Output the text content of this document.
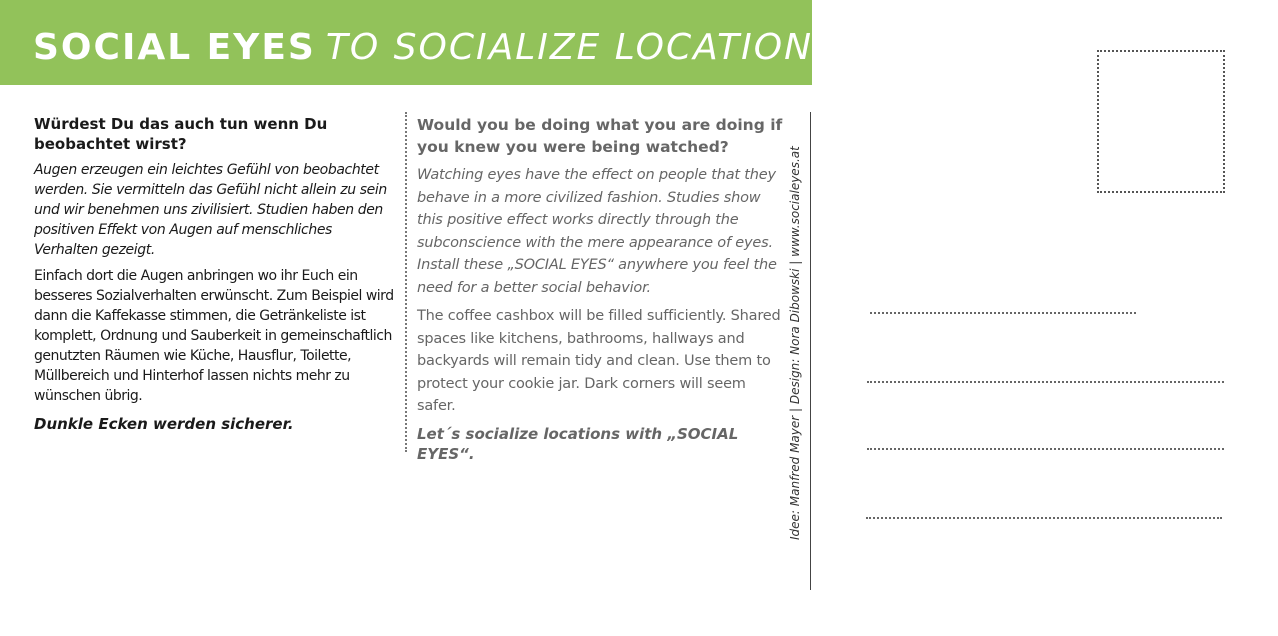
SOCIAL EYES TO SOCIALIZE LOCATIONS

Würdest Du das auch tun wenn Du beobachtet wirst?

Augen erzeugen ein leichtes Gefühl von beobachtet werden. Sie vermitteln das Gefühl nicht allein zu sein und wir benehmen uns zivilisiert. Studien haben den positiven Effekt von Augen auf menschliches Verhalten gezeigt.

Einfach dort die Augen anbringen wo ihr Euch ein besseres Sozialverhalten erwünscht. Zum Beispiel wird dann die Kaffekasse stimmen, die Getränkeliste ist komplett, Ordnung und Sauberkeit in gemeinschaftlich genutzten Räumen wie Küche, Hausflur, Toilette, Müllbereich und Hinterhof lassen nichts mehr zu wünschen übrig.

Dunkle Ecken werden sicherer.

Would you be doing what you are doing if you knew you were being watched?

Watching eyes have the effect on people that they behave in a more civilized fashion. Studies show this positive effect works directly through the subconscience with the mere appearance of eyes. Install these „SOCIAL EYES“ anywhere you feel the need for a better social behavior.

The coffee cashbox will be filled sufficiently. Shared spaces like kitchens, bathrooms, hallways and backyards will remain tidy and clean. Use them to protect your cookie jar. Dark corners will seem safer.

Let´s socialize locations with „SOCIAL EYES“.	Idee: Manfred Mayer | Design: Nora Dibowski | www.socialeyes.at
